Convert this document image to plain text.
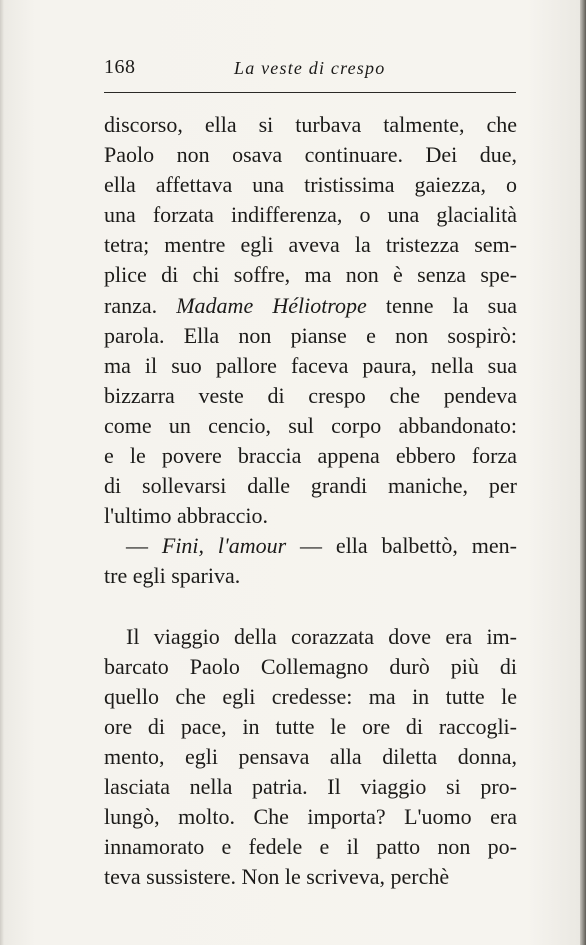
168	La veste di crespo
discorso, ella si turbava talmente, che
Paolo non osava continuare. Dei due,
ella affettava una tristissima gaiezza, o
una forzata indifferenza, o una glacialità
tetra; mentre egli aveva la tristezza sem-
plice di chi soffre, ma non è senza spe-
ranza. Madame Héliotrope tenne la sua
parola. Ella non pianse e non sospirò:
ma il suo pallore faceva paura, nella sua
bizzarra veste di crespo che pendeva
come un cencio, sul corpo abbandonato:
e le povere braccia appena ebbero forza
di sollevarsi dalle grandi maniche, per
l'ultimo abbraccio.
— Fini, l'amour — ella balbettò, men-
tre egli spariva.
Il viaggio della corazzata dove era im-
barcato Paolo Collemagno durò più di
quello che egli credesse: ma in tutte le
ore di pace, in tutte le ore di raccogli-
mento, egli pensava alla diletta donna,
lasciata nella patria. Il viaggio si pro-
lungò, molto. Che importa? L'uomo era
innamorato e fedele e il patto non po-
teva sussistere. Non le scriveva, perchè
